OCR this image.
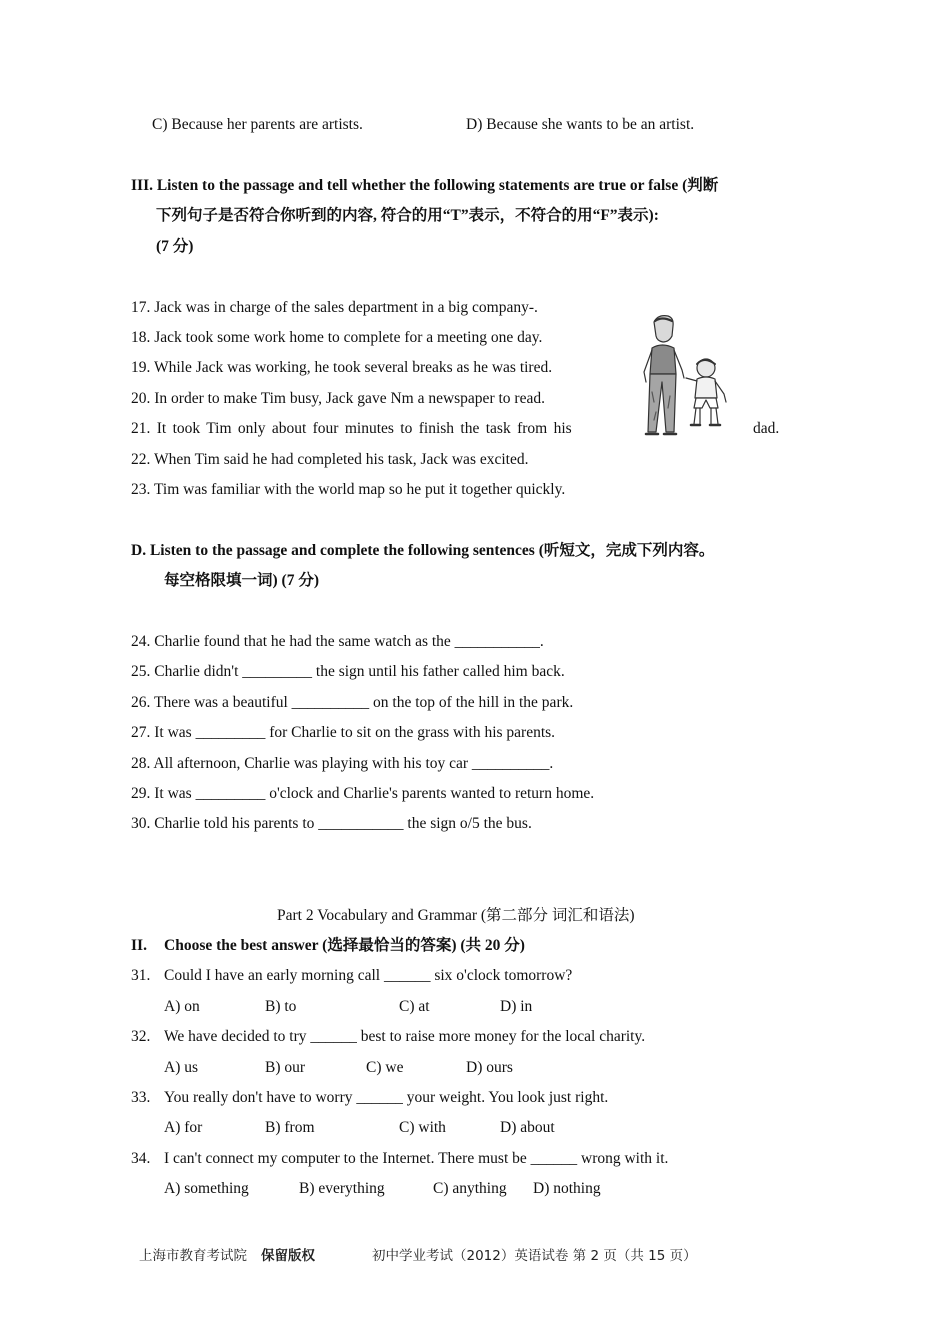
C) Because her parents are artists.	D) Because she wants to be an artist.
III. Listen to the passage and tell whether the following statements are true or false (判断
下列句子是否符合你听到的内容, 符合的用“T”表示，不符合的用“F”表示):
(7 分)
17. Jack was in charge of the sales department in a big company-.
18. Jack took some work home to complete for a meeting one day.
19. While Jack was working, he took several breaks as he was tired.
20. In order to make Tim busy, Jack gave Nm a newspaper to read.
21. It took Tim only about four minutes to finish the task from his	dad.
22. When Tim said he had completed his task, Jack was excited.
23. Tim was familiar with the world map so he put it together quickly.
D. Listen to the passage and complete the following sentences (听短文，完成下列内容。
每空格限填一词) (7 分)
24. Charlie found that he had the same watch as the ___________.
25. Charlie didn't _________ the sign until his father called him back.
26. There was a beautiful __________ on the top of the hill in the park.
27. It was _________ for Charlie to sit on the grass with his parents.
28. All afternoon, Charlie was playing with his toy car __________.
29. It was _________ o'clock and Charlie's parents wanted to return home.
30. Charlie told his parents to ___________ the sign o/5 the bus.
Part 2 Vocabulary and Grammar (第二部分 词汇和语法)
II. Choose the best answer (选择最恰当的答案) (共 20 分)
31. Could I have an early morning call ______ six o'clock tomorrow?
A) on	B) to	C) at	D) in
32. We have decided to try ______ best to raise more money for the local charity.
A) us	B) our	C) we	D) ours
33. You really don't have to worry ______ your weight. You look just right.
A) for	B) from	C) with	D) about
34. I can't connect my computer to the Internet. There must be ______ wrong with it.
A) something	B) everything	C) anything D) nothing
上海市教育考试院 保留版权	初中学业考试（2012）英语试卷 第 2 页（共 15 页）
